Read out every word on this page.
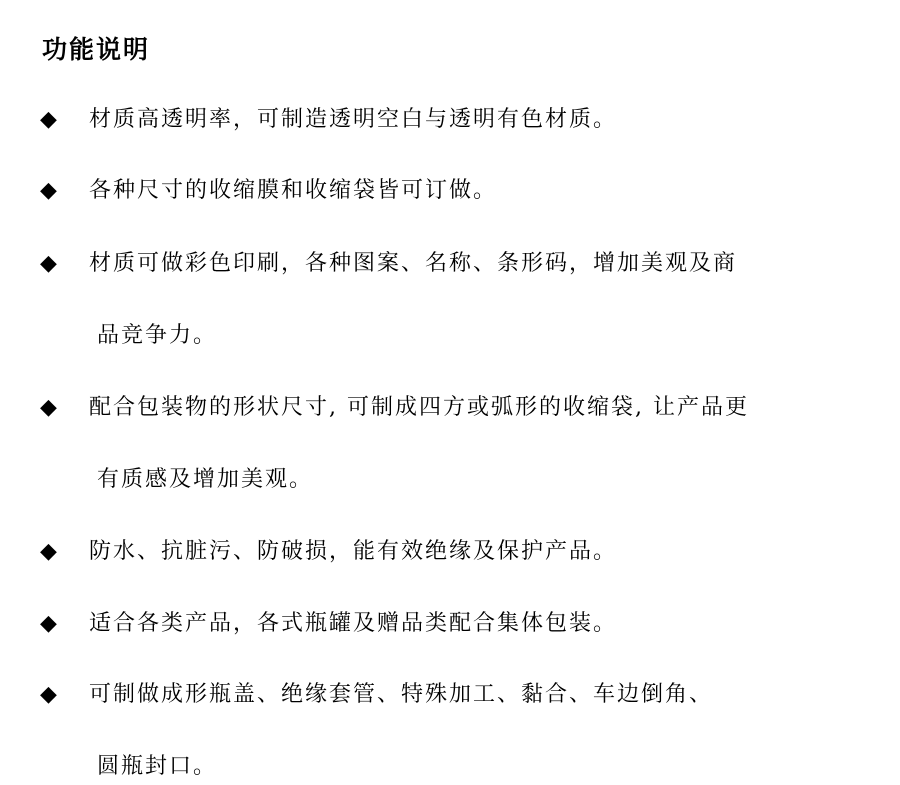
功能说明
◆	材质高透明率，可制造透明空白与透明有色材质。
◆	各种尺寸的收缩膜和收缩袋皆可订做。
◆	材质可做彩色印刷，各种图案、名称、条形码，增加美观及商
品竞争力。
◆	配合包装物的形状尺寸, 可制成四方或弧形的收缩袋, 让产品更
有质感及增加美观。
◆	防水、抗脏污、防破损，能有效绝缘及保护产品。
◆	适合各类产品，各式瓶罐及赠品类配合集体包装。
◆	可制做成形瓶盖、绝缘套管、特殊加工、黏合、车边倒角、
圆瓶封口。
